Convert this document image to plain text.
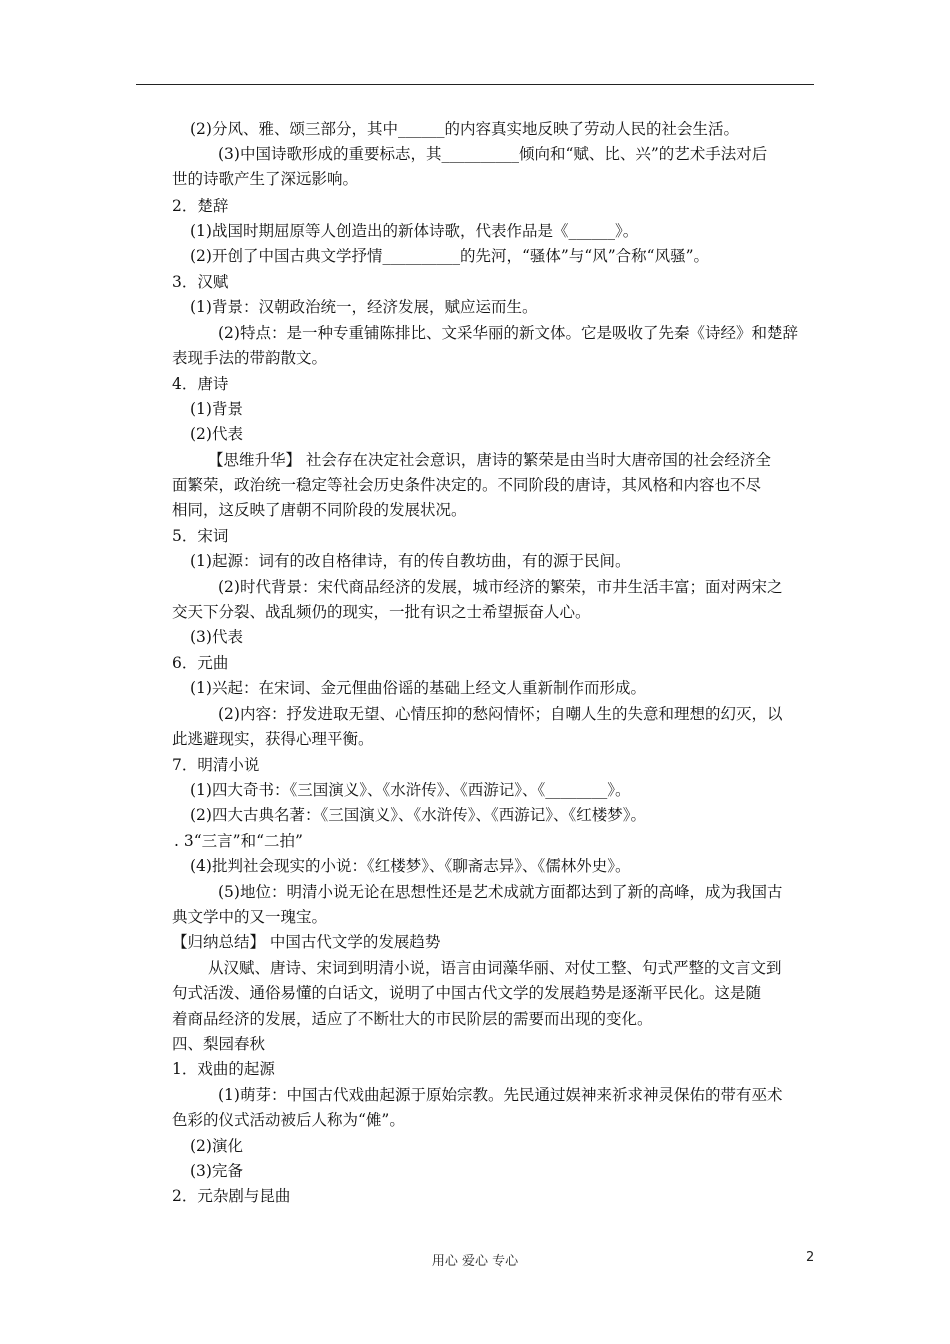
(2)分风、雅、颂三部分，其中______的内容真实地反映了劳动人民的社会生活。
(3)中国诗歌形成的重要标志，其__________倾向和“赋、比、兴”的艺术手法对后
世的诗歌产生了深远影响。
2．楚辞
(1)战国时期屈原等人创造出的新体诗歌，代表作品是《______》。
(2)开创了中国古典文学抒情__________的先河，“骚体”与“风”合称“风骚”。
3．汉赋
(1)背景：汉朝政治统一，经济发展，赋应运而生。
(2)特点：是一种专重铺陈排比、文采华丽的新文体。它是吸收了先秦《诗经》和楚辞
表现手法的带韵散文。
4．唐诗
(1)背景
(2)代表
【思维升华】 社会存在决定社会意识，唐诗的繁荣是由当时大唐帝国的社会经济全
面繁荣，政治统一稳定等社会历史条件决定的。不同阶段的唐诗，其风格和内容也不尽
相同，这反映了唐朝不同阶段的发展状况。
5．宋词
(1)起源：词有的改自格律诗，有的传自教坊曲，有的源于民间。
(2)时代背景：宋代商品经济的发展，城市经济的繁荣，市井生活丰富；面对两宋之
交天下分裂、战乱频仍的现实，一批有识之士希望振奋人心。
(3)代表
6．元曲
(1)兴起：在宋词、金元俚曲俗谣的基础上经文人重新制作而形成。
(2)内容：抒发进取无望、心情压抑的愁闷情怀；自嘲人生的失意和理想的幻灭，以
此逃避现实，获得心理平衡。
7．明清小说
(1)四大奇书：《三国演义》、《水浒传》、《西游记》、《________》。
(2)四大古典名著：《三国演义》、《水浒传》、《西游记》、《红楼梦》。
. 3“三言”和“二拍”
(4)批判社会现实的小说：《红楼梦》、《聊斋志异》、《儒林外史》。
(5)地位：明清小说无论在思想性还是艺术成就方面都达到了新的高峰，成为我国古
典文学中的又一瑰宝。
【归纳总结】 中国古代文学的发展趋势
从汉赋、唐诗、宋词到明清小说，语言由词藻华丽、对仗工整、句式严整的文言文到
句式活泼、通俗易懂的白话文，说明了中国古代文学的发展趋势是逐渐平民化。这是随
着商品经济的发展，适应了不断壮大的市民阶层的需要而出现的变化。
四、梨园春秋
1．戏曲的起源
(1)萌芽：中国古代戏曲起源于原始宗教。先民通过娱神来祈求神灵保佑的带有巫术
色彩的仪式活动被后人称为“傩”。
(2)演化
(3)完备
2．元杂剧与昆曲
用心 爱心 专心	2
